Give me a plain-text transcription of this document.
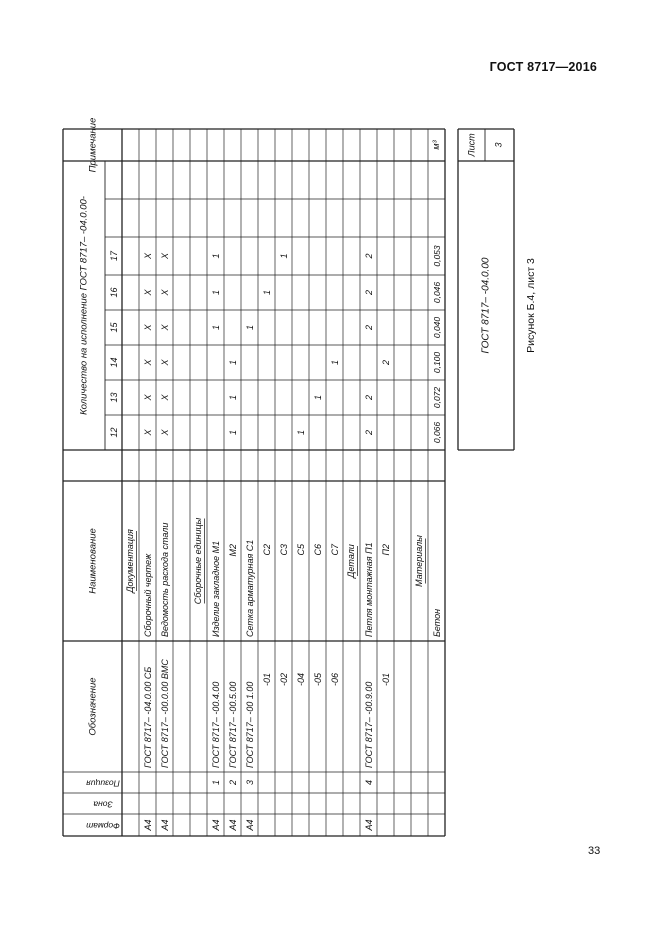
ГОСТ 8717—2016
Формат
Зона
Позиция
Обозначение
Наименование
Количество на исполнение ГОСТ 8717– -04.0.00-
Примечание
12
13
14
15
16
17
Документация
А4
ГОСТ 8717– -04.0.00 СБ
Сборочный чертеж
Х
Х
Х
Х
Х
Х
А4
ГОСТ 8717– -00.0.00 ВМС
Ведомость расхода стали
Х
Х
Х
Х
Х
Х
Сборочные единицы
А4
1
ГОСТ 8717– -00.4.00
Изделие закладное М1
1
1
1
А4
2
ГОСТ 8717– -00.5.00
М2
1
1
1
А4
3
ГОСТ 8717– -00 1.00
Сетка арматурная С1
1
-01
С2
1
-02
С3
1
-04
С5
1
-05
С6
1
-06
С7
1
Детали
А4
4
ГОСТ 8717– -00.9.00
Петля монтажная П1
2
2
2
2
2
-01
П2
2
Материалы
Бетон
0,066
0,072
0,100
0,040
0,046
0,053
м³
ГОСТ 8717– -04.0.00
Лист 3
Рисунок Б.4, лист 3
33
